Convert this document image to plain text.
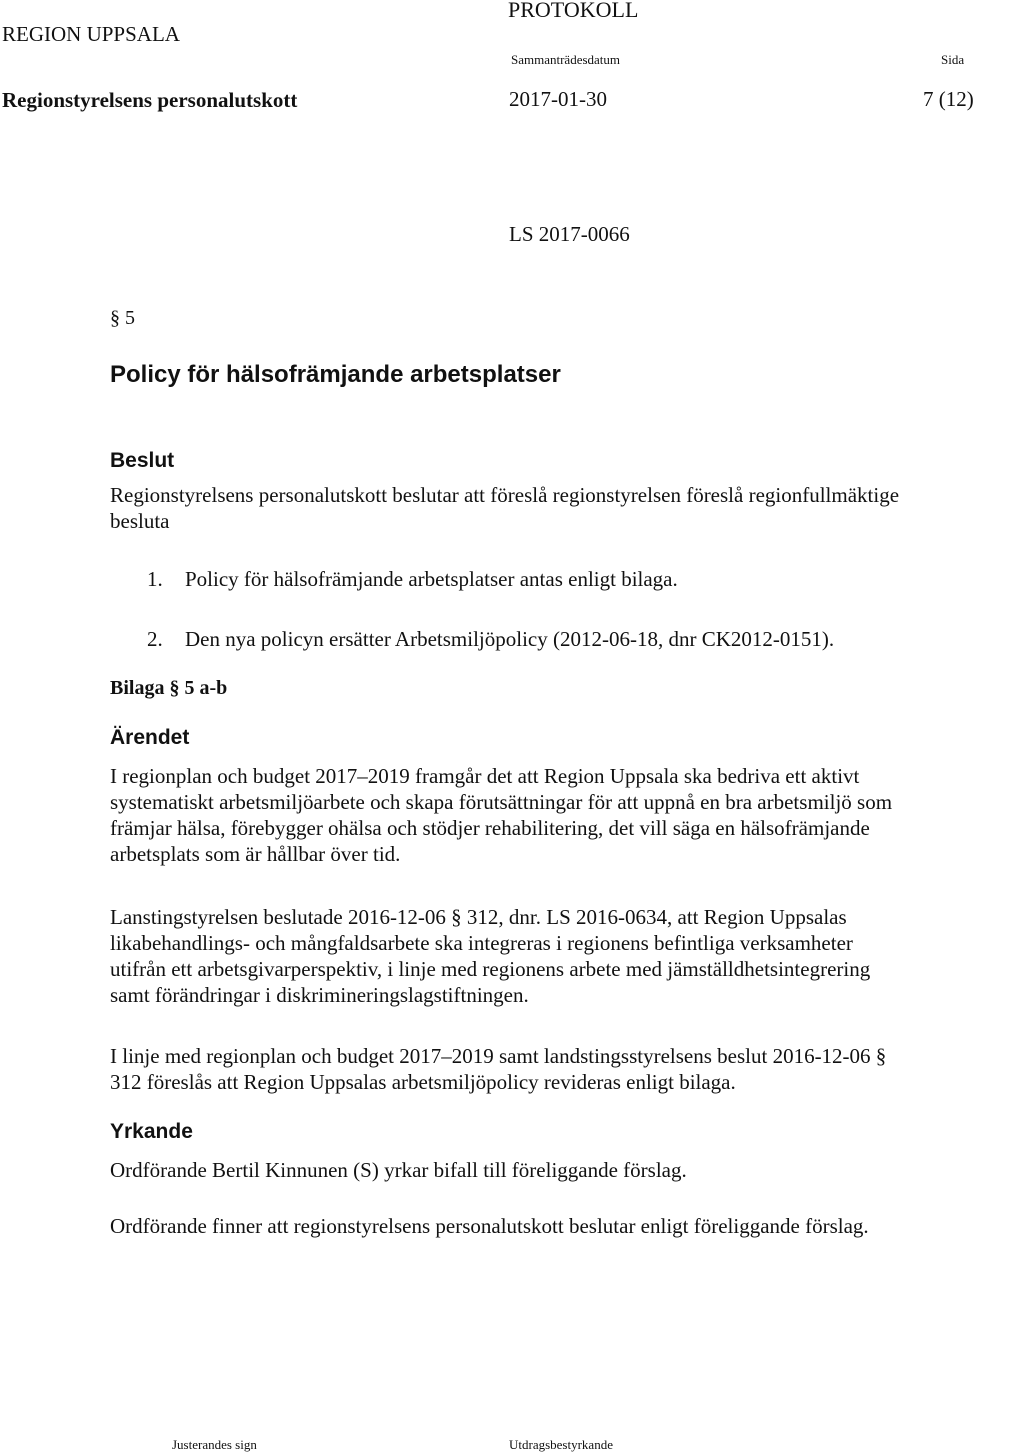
REGION UPPSALA
PROTOKOLL
Sammanträdesdatum	Sida
Regionstyrelsens personalutskott	2017-01-30	7 (12)
LS 2017-0066
§ 5
Policy för hälsofrämjande arbetsplatser
Beslut
Regionstyrelsens personalutskott beslutar att föreslå regionstyrelsen föreslå regionfullmäktige
besluta
1. Policy för hälsofrämjande arbetsplatser antas enligt bilaga.
2. Den nya policyn ersätter Arbetsmiljöpolicy (2012-06-18, dnr CK2012-0151).
Bilaga § 5 a-b
Ärendet
I regionplan och budget 2017–2019 framgår det att Region Uppsala ska bedriva ett aktivt
systematiskt arbetsmiljöarbete och skapa förutsättningar för att uppnå en bra arbetsmiljö som
främjar hälsa, förebygger ohälsa och stödjer rehabilitering, det vill säga en hälsofrämjande
arbetsplats som är hållbar över tid.
Lanstingstyrelsen beslutade 2016-12-06 § 312, dnr. LS 2016-0634, att Region Uppsalas
likabehandlings- och mångfaldsarbete ska integreras i regionens befintliga verksamheter
utifrån ett arbetsgivarperspektiv, i linje med regionens arbete med jämställdhetsintegrering
samt förändringar i diskrimineringslagstiftningen.
I linje med regionplan och budget 2017–2019 samt landstingsstyrelsens beslut 2016-12-06 §
312 föreslås att Region Uppsalas arbetsmiljöpolicy revideras enligt bilaga.
Yrkande
Ordförande Bertil Kinnunen (S) yrkar bifall till föreliggande förslag.
Ordförande finner att regionstyrelsens personalutskott beslutar enligt föreliggande förslag.
Justerandes sign	Utdragsbestyrkande
